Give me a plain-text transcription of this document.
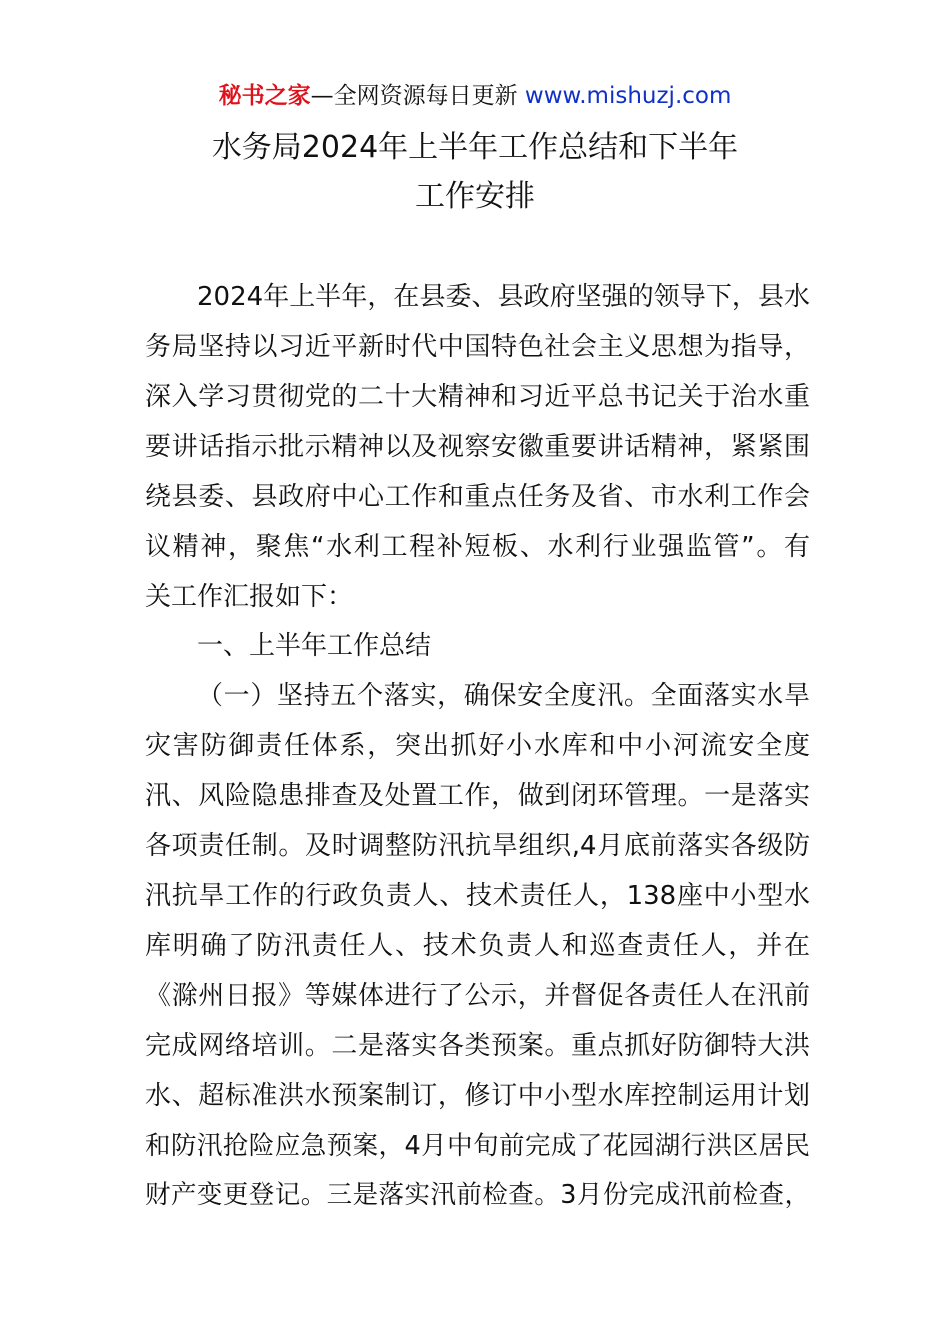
秘书之家—全网资源每日更新 www.mishuzj.com
水务局2024年上半年工作总结和下半年
工作安排
2024年上半年，在县委、县政府坚强的领导下，县水
务局坚持以习近平新时代中国特色社会主义思想为指导，
深入学习贯彻党的二十大精神和习近平总书记关于治水重
要讲话指示批示精神以及视察安徽重要讲话精神，紧紧围
绕县委、县政府中心工作和重点任务及省、市水利工作会
议精神，聚焦“水利工程补短板、水利行业强监管”。有
关工作汇报如下：
一、上半年工作总结
（一）坚持五个落实，确保安全度汛。全面落实水旱
灾害防御责任体系，突出抓好小水库和中小河流安全度
汛、风险隐患排查及处置工作，做到闭环管理。一是落实
各项责任制。及时调整防汛抗旱组织,4月底前落实各级防
汛抗旱工作的行政负责人、技术责任人，138座中小型水
库明确了防汛责任人、技术负责人和巡查责任人，并在
《滁州日报》等媒体进行了公示，并督促各责任人在汛前
完成网络培训。二是落实各类预案。重点抓好防御特大洪
水、超标准洪水预案制订，修订中小型水库控制运用计划
和防汛抢险应急预案，4月中旬前完成了花园湖行洪区居民
财产变更登记。三是落实汛前检查。3月份完成汛前检查，
